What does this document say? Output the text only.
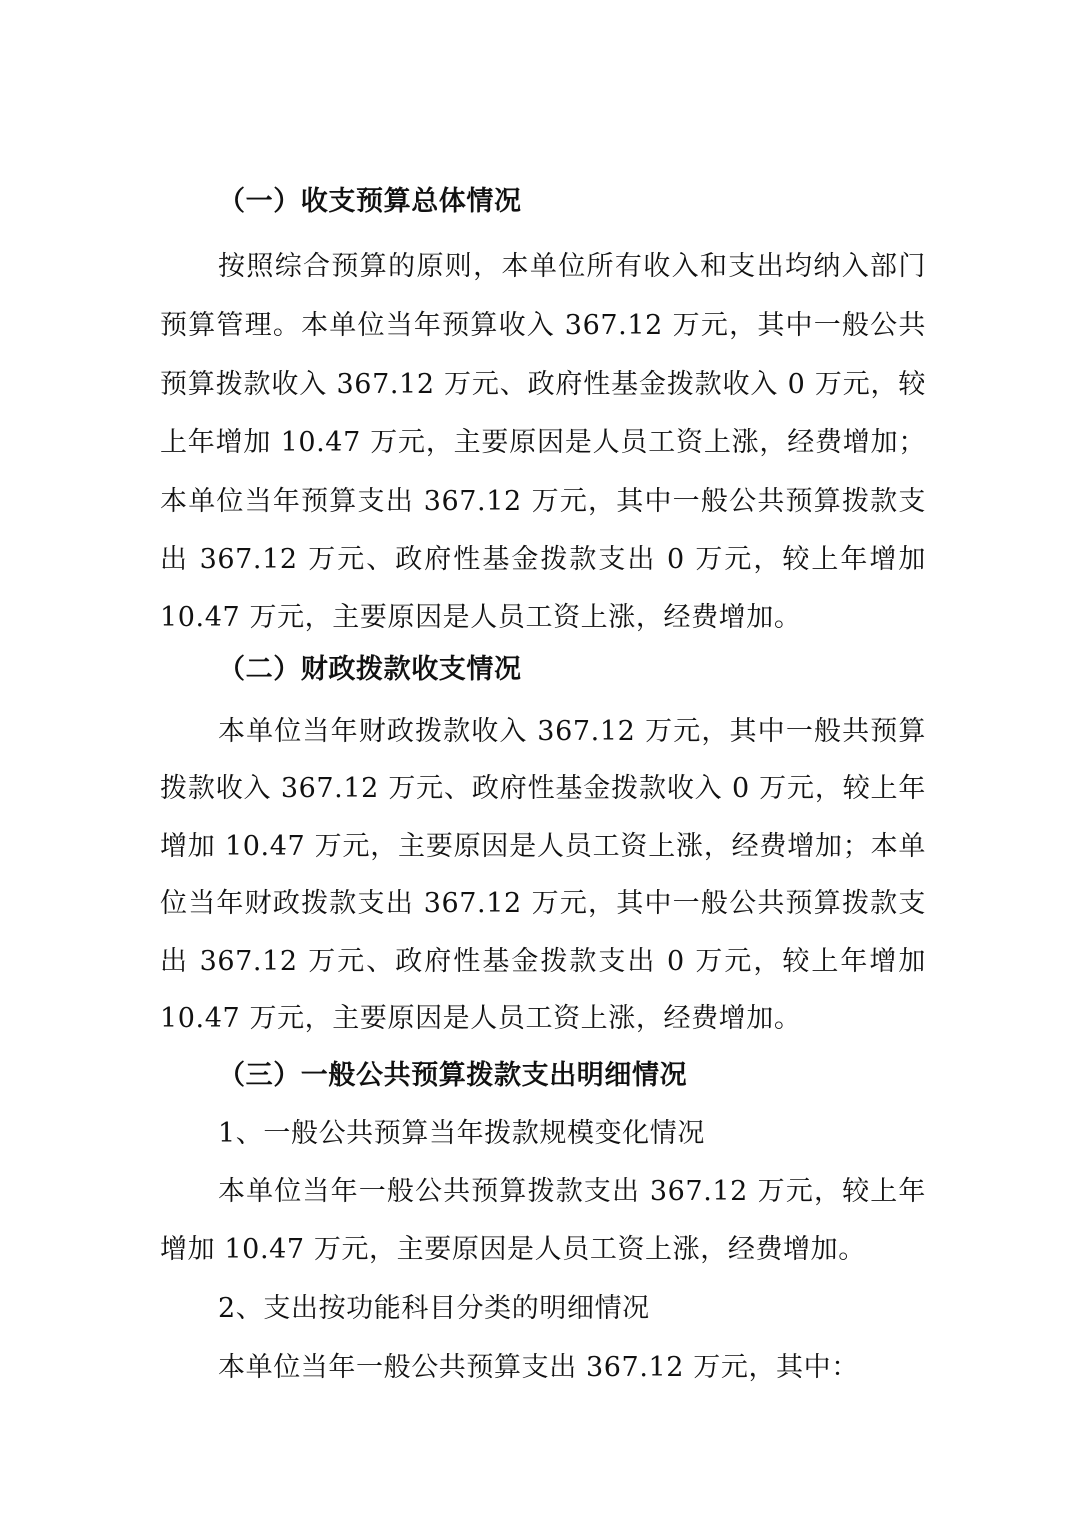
（一）收支预算总体情况
按照综合预算的原则，本单位所有收入和支出均纳入部门
预算管理。本单位当年预算收入 367.12 万元，其中一般公共
预算拨款收入 367.12 万元、政府性基金拨款收入 0 万元，较
上年增加 10.47 万元，主要原因是人员工资上涨，经费增加；
本单位当年预算支出 367.12 万元，其中一般公共预算拨款支
出 367.12 万元、政府性基金拨款支出 0 万元，较上年增加
10.47 万元，主要原因是人员工资上涨，经费增加。
（二）财政拨款收支情况
本单位当年财政拨款收入 367.12 万元，其中一般共预算
拨款收入 367.12 万元、政府性基金拨款收入 0 万元，较上年
增加 10.47 万元，主要原因是人员工资上涨，经费增加；本单
位当年财政拨款支出 367.12 万元，其中一般公共预算拨款支
出 367.12 万元、政府性基金拨款支出 0 万元，较上年增加
10.47 万元，主要原因是人员工资上涨，经费增加。
（三）一般公共预算拨款支出明细情况
1、一般公共预算当年拨款规模变化情况
本单位当年一般公共预算拨款支出 367.12 万元，较上年
增加 10.47 万元，主要原因是人员工资上涨，经费增加。
2、支出按功能科目分类的明细情况
本单位当年一般公共预算支出 367.12 万元，其中：
